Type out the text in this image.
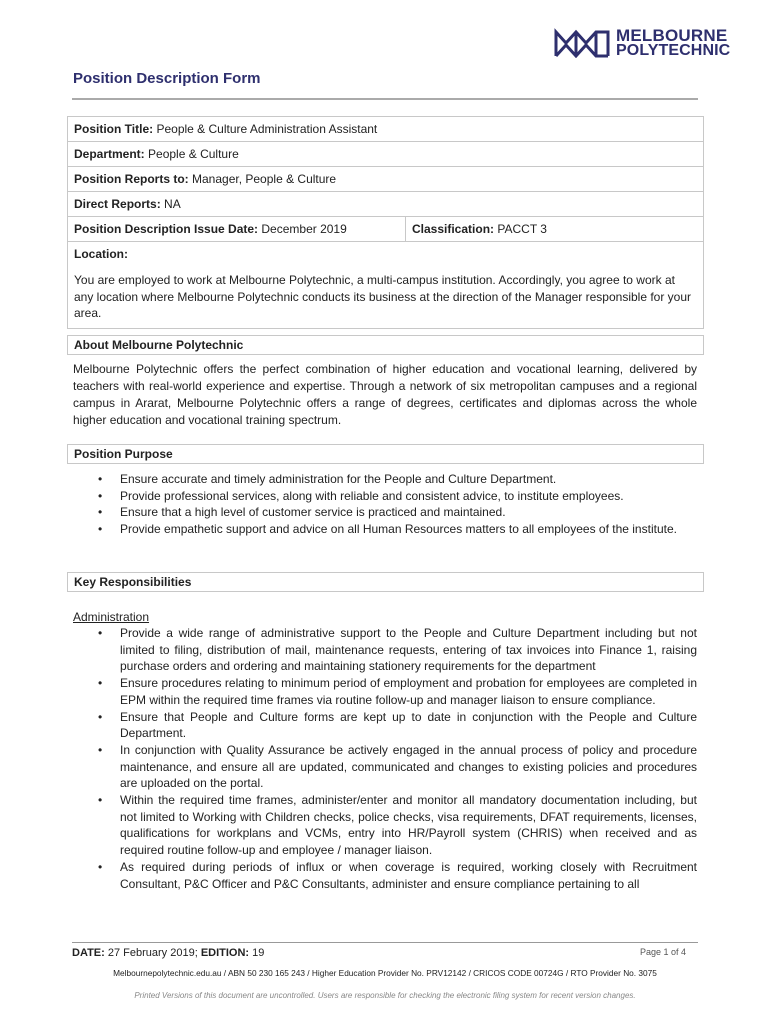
MELBOURNE
POLYTECHNIC
Position Description Form
Position Title: People & Culture Administration Assistant
Department: People & Culture
Position Reports to: Manager, People & Culture
Direct Reports: NA
Position Description Issue Date: December 2019	Classification: PACCT 3
Location:

You are employed to work at Melbourne Polytechnic, a multi-campus institution. Accordingly, you agree to work at any location where Melbourne Polytechnic conducts its business at the direction of the Manager responsible for your area.

About Melbourne Polytechnic

Melbourne Polytechnic offers the perfect combination of higher education and vocational learning, delivered by teachers with real-world experience and expertise. Through a network of six metropolitan campuses and a regional campus in Ararat, Melbourne Polytechnic offers a range of degrees, certificates and diplomas across the whole higher education and vocational training spectrum.

Position Purpose
• Ensure accurate and timely administration for the People and Culture Department.
• Provide professional services, along with reliable and consistent advice, to institute employees.
• Ensure that a high level of customer service is practiced and maintained.
• Provide empathetic support and advice on all Human Resources matters to all employees of the institute.
Key Responsibilities
Administration
• Provide a wide range of administrative support to the People and Culture Department including but not limited to filing, distribution of mail, maintenance requests, entering of tax invoices into Finance 1, raising purchase orders and ordering and maintaining stationery requirements for the department
• Ensure procedures relating to minimum period of employment and probation for employees are completed in EPM within the required time frames via routine follow-up and manager liaison to ensure compliance.
• Ensure that People and Culture forms are kept up to date in conjunction with the People and Culture Department.
• In conjunction with Quality Assurance be actively engaged in the annual process of policy and procedure maintenance, and ensure all are updated, communicated and changes to existing policies and procedures are uploaded on the portal.
• Within the required time frames, administer/enter and monitor all mandatory documentation including, but not limited to Working with Children checks, police checks, visa requirements, DFAT requirements, licenses, qualifications for workplans and VCMs, entry into HR/Payroll system (CHRIS) when received and as required routine follow-up and employee / manager liaison.
• As required during periods of influx or when coverage is required, working closely with Recruitment Consultant, P&C Officer and P&C Consultants, administer and ensure compliance pertaining to all
DATE: 27 February 2019; EDITION: 19	Page 1 of 4
Melbournepolytechnic.edu.au / ABN 50 230 165 243 / Higher Education Provider No. PRV12142 / CRICOS CODE 00724G / RTO Provider No. 3075
Printed Versions of this document are uncontrolled. Users are responsible for checking the electronic filing system for recent version changes.
